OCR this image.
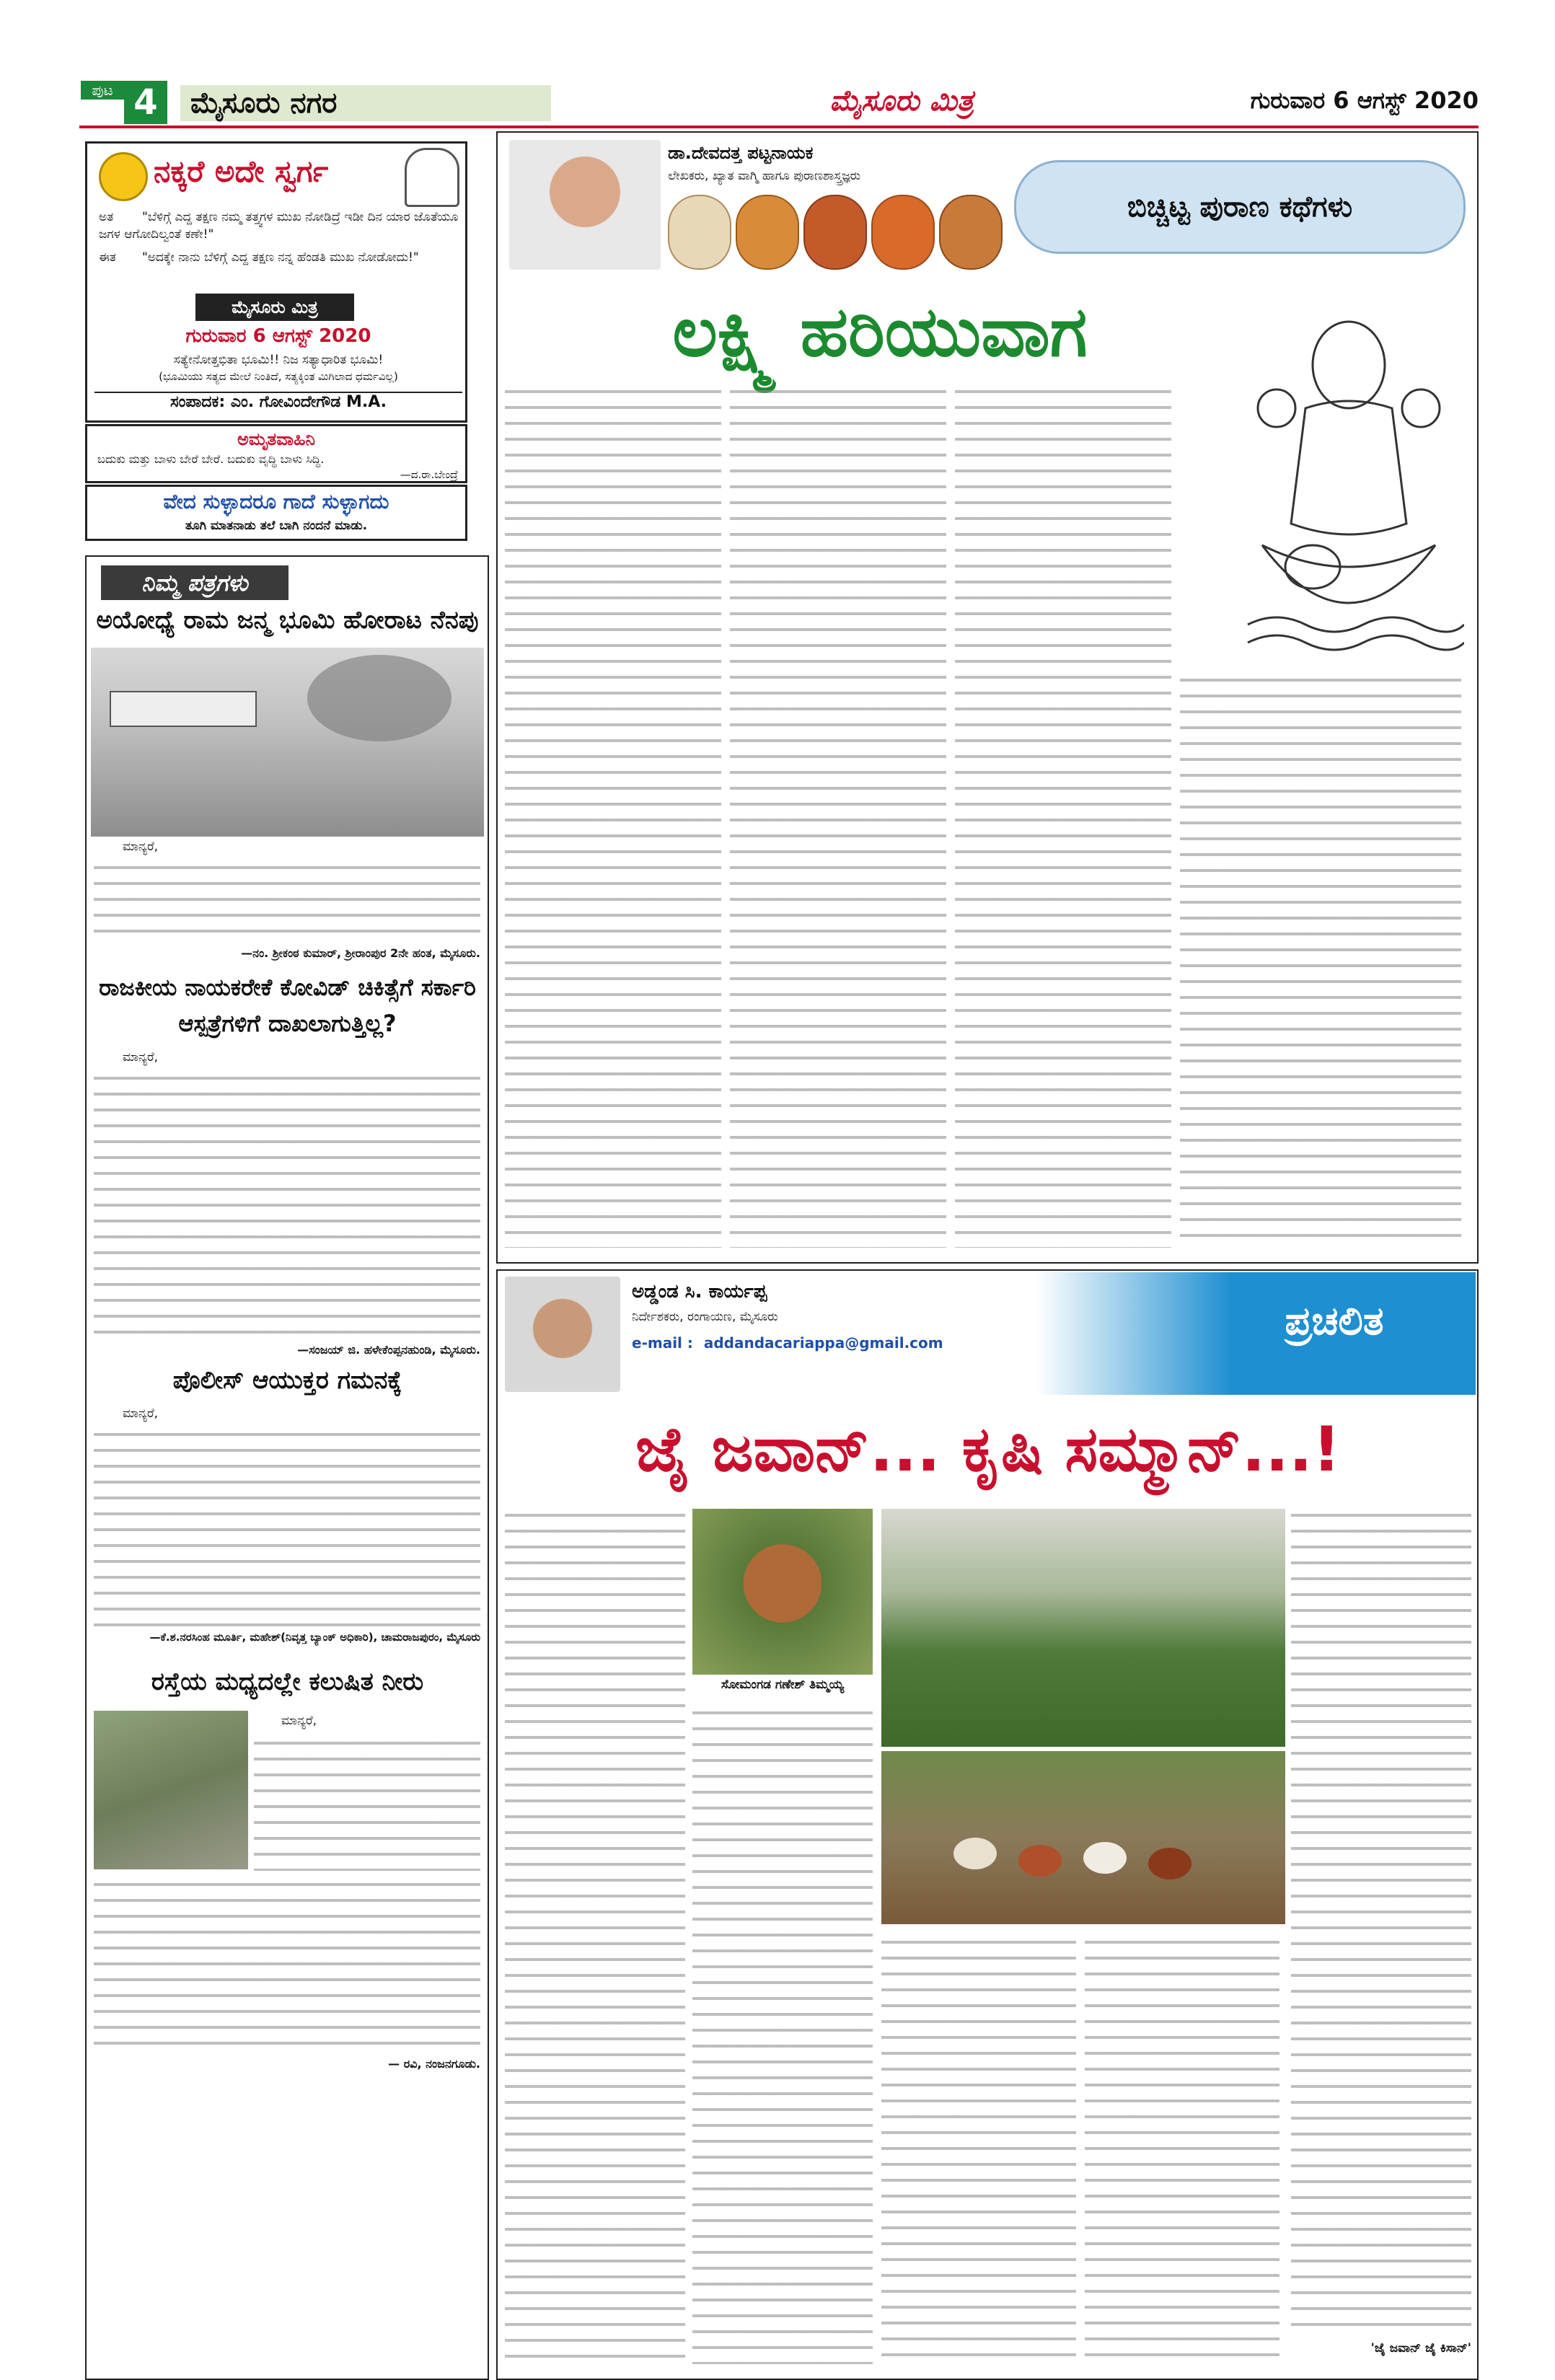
ಪುಟ 4	ಮೈಸೂರು ನಗರ	ಮೈಸೂರು ಮಿತ್ರ	ಗುರುವಾರ 6 ಆಗಸ್ಟ್ 2020
ನಕ್ಕರೆ ಅದೇ ಸ್ವರ್ಗ
ಅತ "ಬೆಳಿಗ್ಗೆ ಎದ್ದ ತಕ್ಷಣ ನಮ್ಮ ತತ್ತ್ವಗಳ ಮುಖ ನೋಡಿದ್ರೆ ಇಡೀ ದಿನ ಯಾರ ಜೊತೆಯೂ ಜಗಳ ಆಗೋದಿಲ್ವಂತೆ ಕಣೇ!"
ಈತ "ಅದಕ್ಕೇ ನಾನು ಬೆಳಿಗ್ಗೆ ಎದ್ದ ತಕ್ಷಣ ನನ್ನ ಹೆಂಡತಿ ಮುಖ ನೋಡೋದು!"
ಮೈಸೂರು ಮಿತ್ರ
ಗುರುವಾರ 6 ಆಗಸ್ಟ್ 2020
ಸತ್ಯೇನೋತ್ತಭಿತಾ ಭೂಮಿ!! ನಿಜ ಸತ್ಯಾಧಾರಿತ ಭೂಮಿ!
(ಭೂಮಿಯು ಸತ್ಯದ ಮೇಲೆ ನಿಂತಿದೆ, ಸತ್ಯಕ್ಕಿಂತ ಮಿಗಿಲಾದ ಧರ್ಮವಿಲ್ಲ)
ಸಂಪಾದಕ: ಎಂ. ಗೋವಿಂದೇಗೌಡ M.A.
ಅಮೃತವಾಹಿನಿ
ಬದುಕು ಮತ್ತು ಬಾಳು ಬೇರೆ ಬೇರೆ. ಬದುಕು ವೃದ್ಧಿ ಬಾಳು ಸಿದ್ಧಿ.
—ದ.ರಾ.ಬೇಂದ್ರೆ
ವೇದ ಸುಳ್ಳಾದರೂ ಗಾದೆ ಸುಳ್ಳಾಗದು
ತೂಗಿ ಮಾತನಾಡು ತಲೆ ಬಾಗಿ ನಂದನೆ ಮಾಡು.
ನಿಮ್ಮ ಪತ್ರಗಳು
ಅಯೋಧ್ಯೆ ರಾಮ ಜನ್ಮ ಭೂಮಿ ಹೋರಾಟ ನೆನಪು
ಮಾನ್ಯರೆ,
—ನಂ. ಶ್ರೀಕಂಠ ಕುಮಾರ್, ಶ್ರೀರಾಂಪುರ 2ನೇ ಹಂತ, ಮೈಸೂರು.
ರಾಜಕೀಯ ನಾಯಕರೇಕೆ ಕೋವಿಡ್ ಚಿಕಿತ್ಸೆಗೆ ಸರ್ಕಾರಿ ಆಸ್ಪತ್ರೆಗಳಿಗೆ ದಾಖಲಾಗುತ್ತಿಲ್ಲ?
ಮಾನ್ಯರೆ,
—ಸಂಜಯ್ ಜಿ. ಹಳೇಕೆಂಪ್ಪನಹುಂಡಿ, ಮೈಸೂರು.
ಪೊಲೀಸ್ ಆಯುಕ್ತರ ಗಮನಕ್ಕೆ
ಮಾನ್ಯರೆ,
—ಕೆ.ಶ.ನರಸಿಂಹ ಮೂರ್ತಿ, ಮಹೇಶ್(ನಿವೃತ್ತ ಬ್ಯಾಂಕ್ ಅಧಿಕಾರಿ), ಚಾಮರಾಜಪುರಂ, ಮೈಸೂರು
ರಸ್ತೆಯ ಮಧ್ಯದಲ್ಲೇ ಕಲುಷಿತ ನೀರು
ಮಾನ್ಯರೆ,
— ರವಿ, ನಂಜನಗೂಡು.
ಡಾ.ದೇವದತ್ತ ಪಟ್ಟನಾಯಕ
ಲೇಖಕರು, ಖ್ಯಾತ ವಾಗ್ಮಿ ಹಾಗೂ ಪುರಾಣಶಾಸ್ತ್ರಜ್ಞರು
ಬಿಚ್ಚಿಟ್ಟ ಪುರಾಣ ಕಥೆಗಳು
ಲಕ್ಷ್ಮಿ ಹರಿಯುವಾಗ
ಅಡ್ಡಂಡ ಸಿ. ಕಾರ್ಯಪ್ಪ
ನಿರ್ದೇಶಕರು, ರಂಗಾಯಣ, ಮೈಸೂರು
e-mail : addandacariappa@gmail.com	ಪ್ರಚಲಿತ
ಜೈ ಜವಾನ್... ಕೃಷಿ ಸಮ್ಮಾನ್...!
ಸೋಮಂಗಡ ಗಣೇಶ್ ತಿಮ್ಮಯ್ಯ
'ಜೈ ಜವಾನ್ ಜೈ ಕಿಸಾನ್'
